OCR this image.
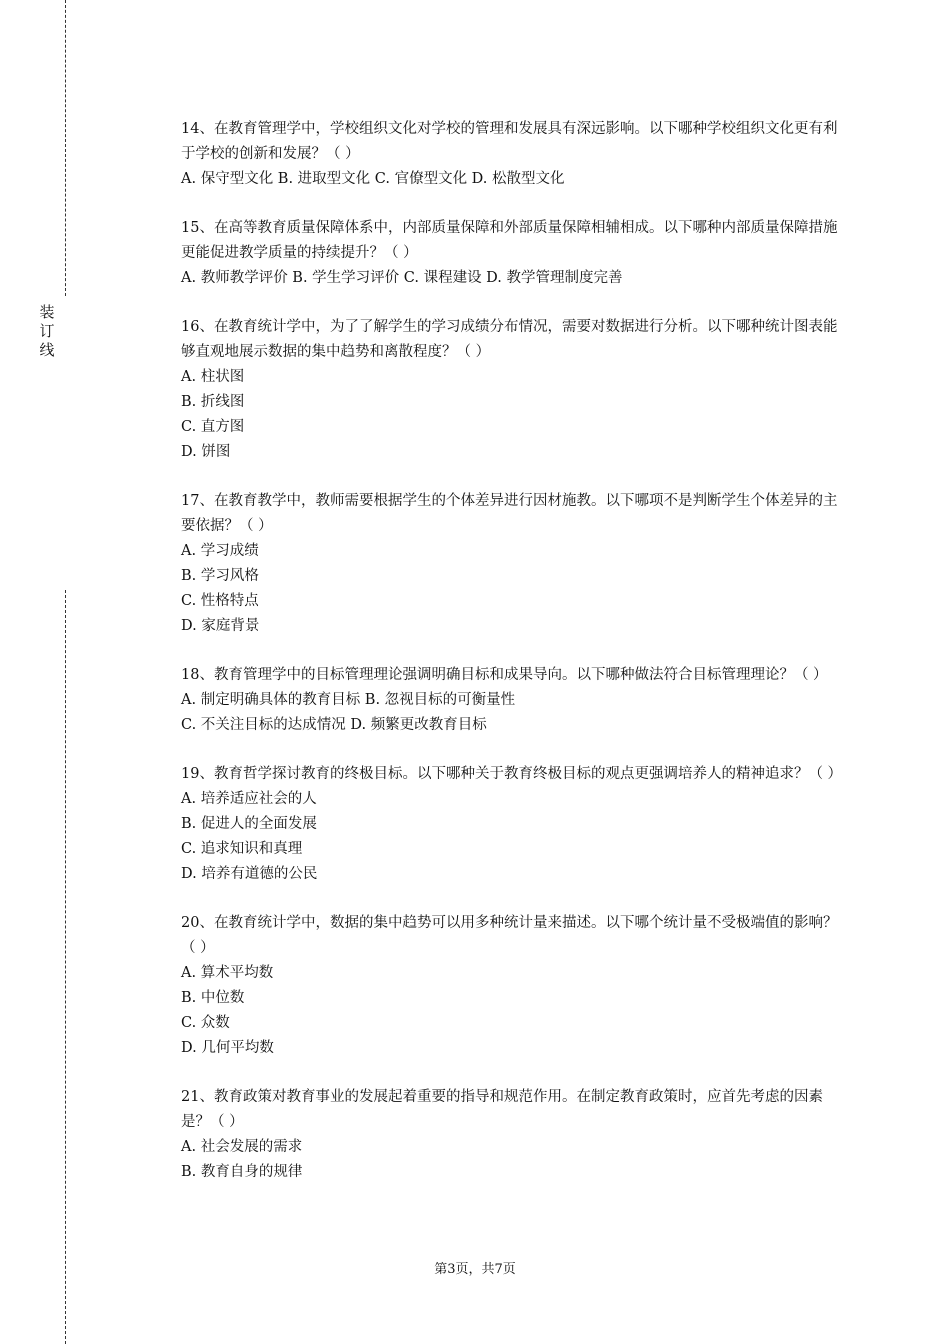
装
订
线

14、在教育管理学中，学校组织文化对学校的管理和发展具有深远影响。以下哪种学校组织文化更有利于学校的创新和发展？（ ）

A. 保守型文化 B. 进取型文化 C. 官僚型文化 D. 松散型文化

15、在高等教育质量保障体系中，内部质量保障和外部质量保障相辅相成。以下哪种内部质量保障措施更能促进教学质量的持续提升？（ ）

A. 教师教学评价 B. 学生学习评价 C. 课程建设 D. 教学管理制度完善

16、在教育统计学中，为了了解学生的学习成绩分布情况，需要对数据进行分析。以下哪种统计图表能够直观地展示数据的集中趋势和离散程度？（ ）

A. 柱状图

B. 折线图

C. 直方图

D. 饼图

17、在教育教学中，教师需要根据学生的个体差异进行因材施教。以下哪项不是判断学生个体差异的主要依据？（ ）

A. 学习成绩

B. 学习风格

C. 性格特点

D. 家庭背景

18、教育管理学中的目标管理理论强调明确目标和成果导向。以下哪种做法符合目标管理理论？（ ）

A. 制定明确具体的教育目标 B. 忽视目标的可衡量性

C. 不关注目标的达成情况 D. 频繁更改教育目标

19、教育哲学探讨教育的终极目标。以下哪种关于教育终极目标的观点更强调培养人的精神追求？（ ）

A. 培养适应社会的人

B. 促进人的全面发展

C. 追求知识和真理

D. 培养有道德的公民

20、在教育统计学中，数据的集中趋势可以用多种统计量来描述。以下哪个统计量不受极端值的影响？（ ）

A. 算术平均数

B. 中位数

C. 众数

D. 几何平均数

21、教育政策对教育事业的发展起着重要的指导和规范作用。在制定教育政策时，应首先考虑的因素是？（ ）

A. 社会发展的需求

B. 教育自身的规律

第3页，共7页
